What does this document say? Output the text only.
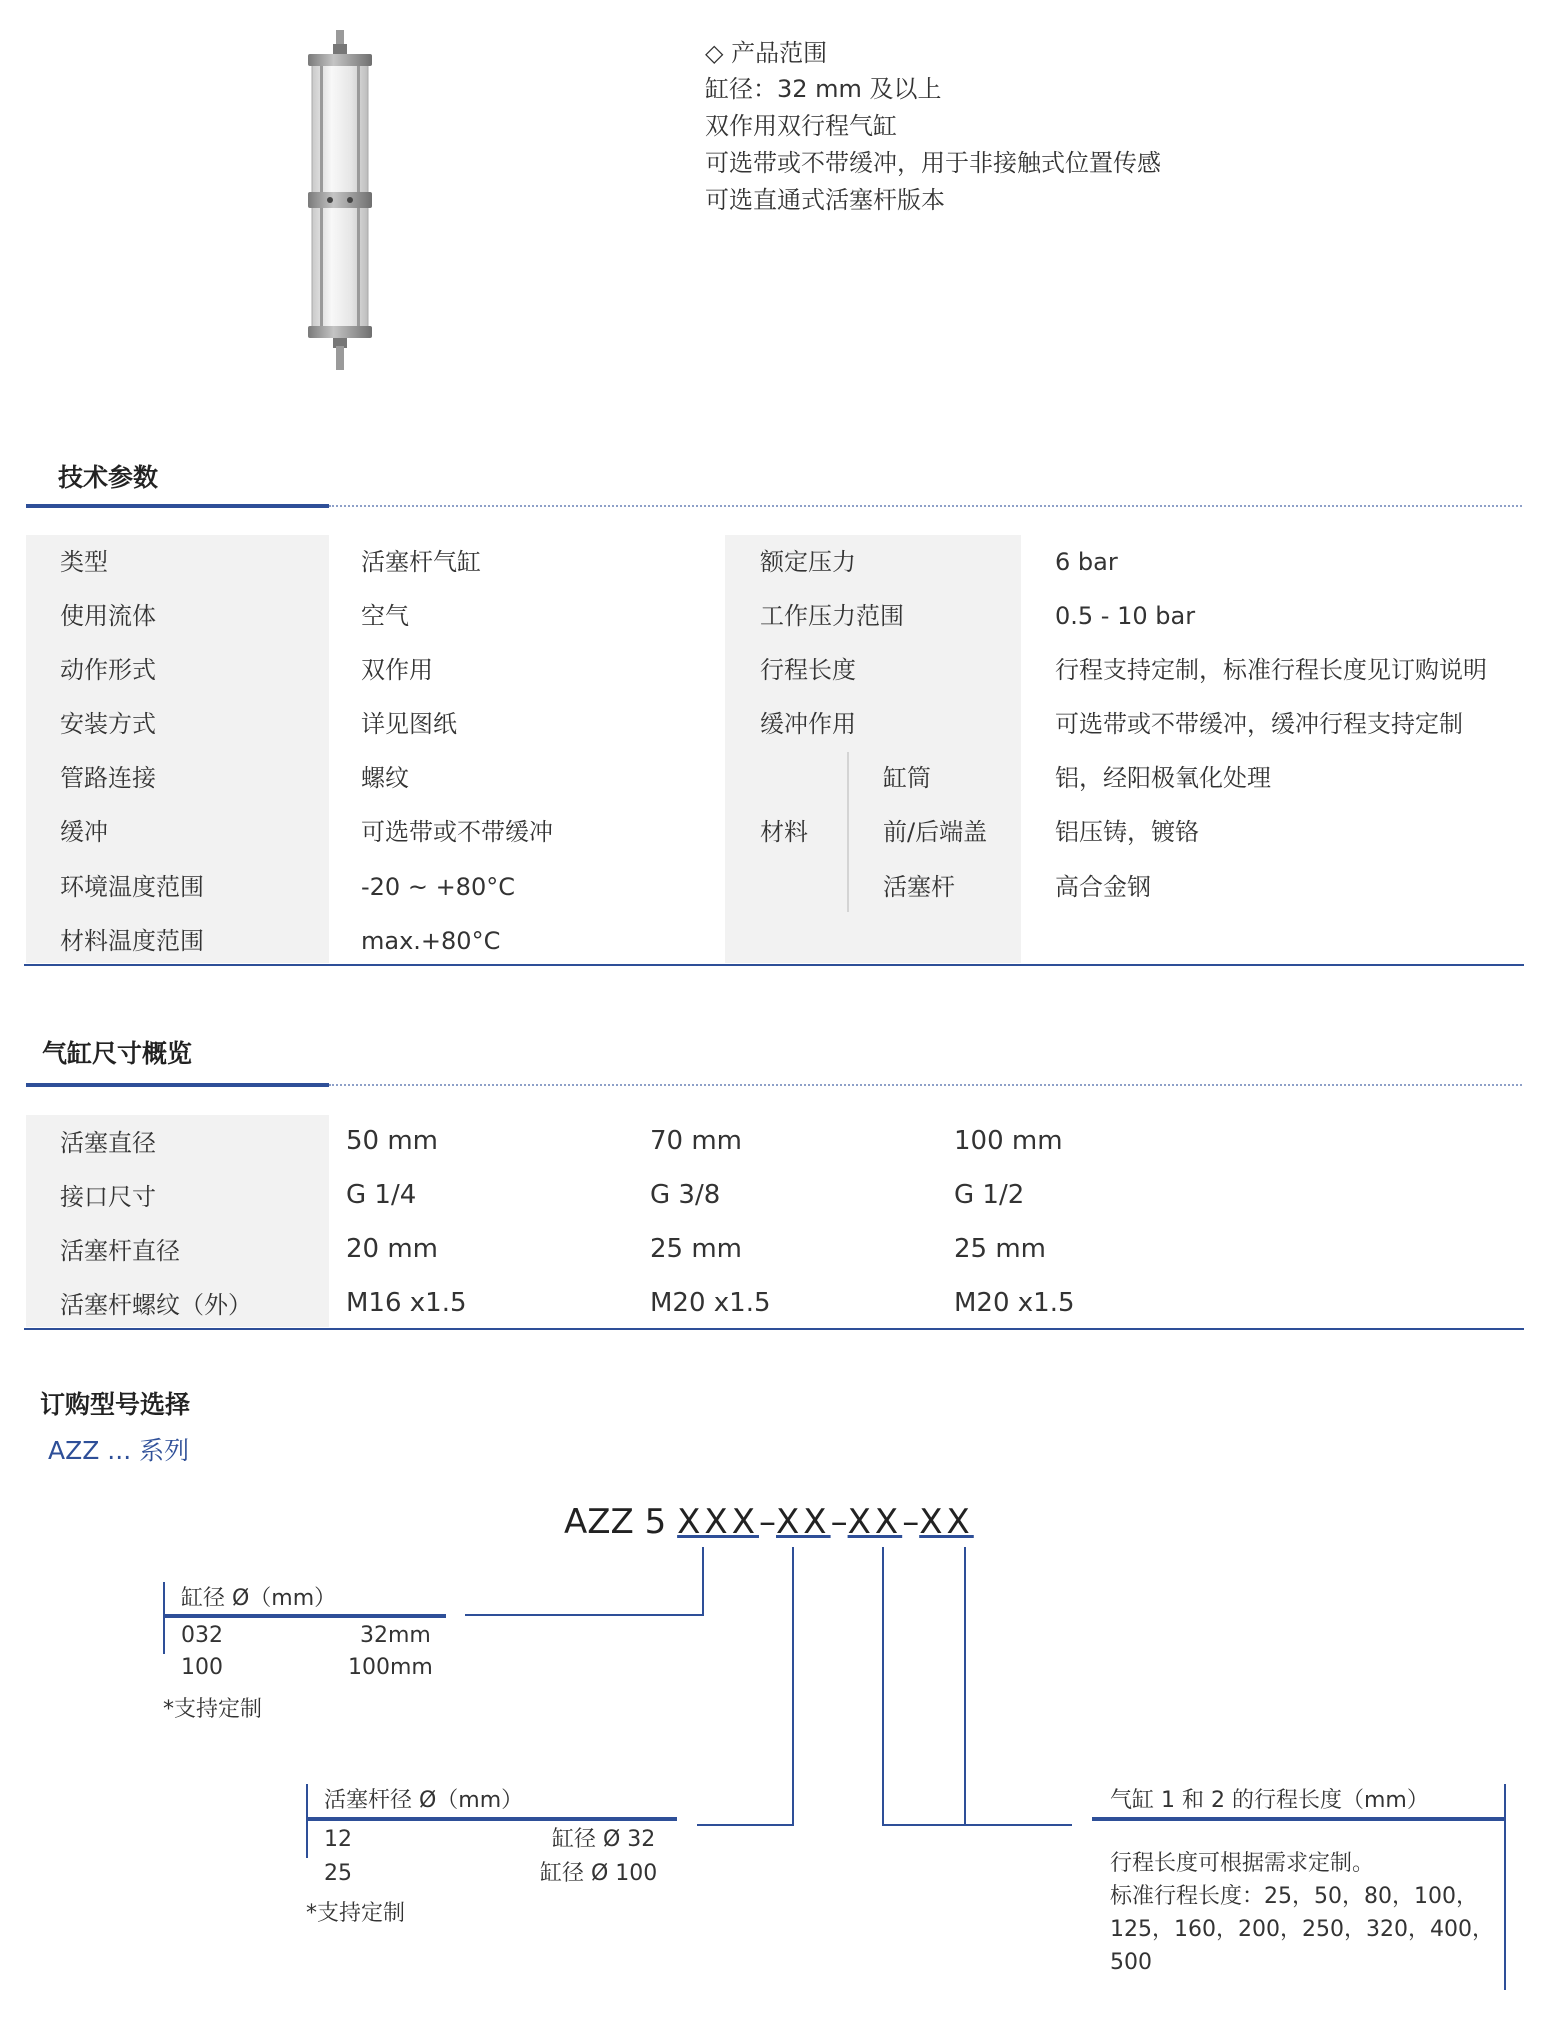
◇ 产品范围
缸径：32 mm 及以上
双作用双行程气缸
可选带或不带缓冲，用于非接触式位置传感
可选直通式活塞杆版本
技术参数
类型	活塞杆气缸
使用流体	空气
动作形式	双作用
安装方式	详见图纸
管路连接	螺纹
缓冲	可选带或不带缓冲
环境温度范围	-20 ~ +80°C
材料温度范围	max.+80°C
额定压力	6 bar
工作压力范围	0.5 - 10 bar
行程长度	行程支持定制，标准行程长度见订购说明
缓冲作用	可选带或不带缓冲，缓冲行程支持定制
材料
缸筒	铝，经阳极氧化处理
前/后端盖	铝压铸，镀铬
活塞杆	高合金钢
气缸尺寸概览
活塞直径	50 mm	70 mm	100 mm
接口尺寸	G 1/4	G 3/8	G 1/2
活塞杆直径	20 mm	25 mm	25 mm
活塞杆螺纹（外）	M16 x1.5	M20 x1.5	M20 x1.5
订购型号选择
AZZ ... 系列
AZZ 5 XXX–XX–XX–XX
缸径 Ø（mm）
032	32mm
100	100mm
*支持定制
活塞杆径 Ø（mm）
12	缸径 Ø 32
25	缸径 Ø 100
*支持定制
气缸 1 和 2 的行程长度（mm）
行程长度可根据需求定制。
标准行程长度：25，50，80，100，
125，160，200，250，320，400，
500
